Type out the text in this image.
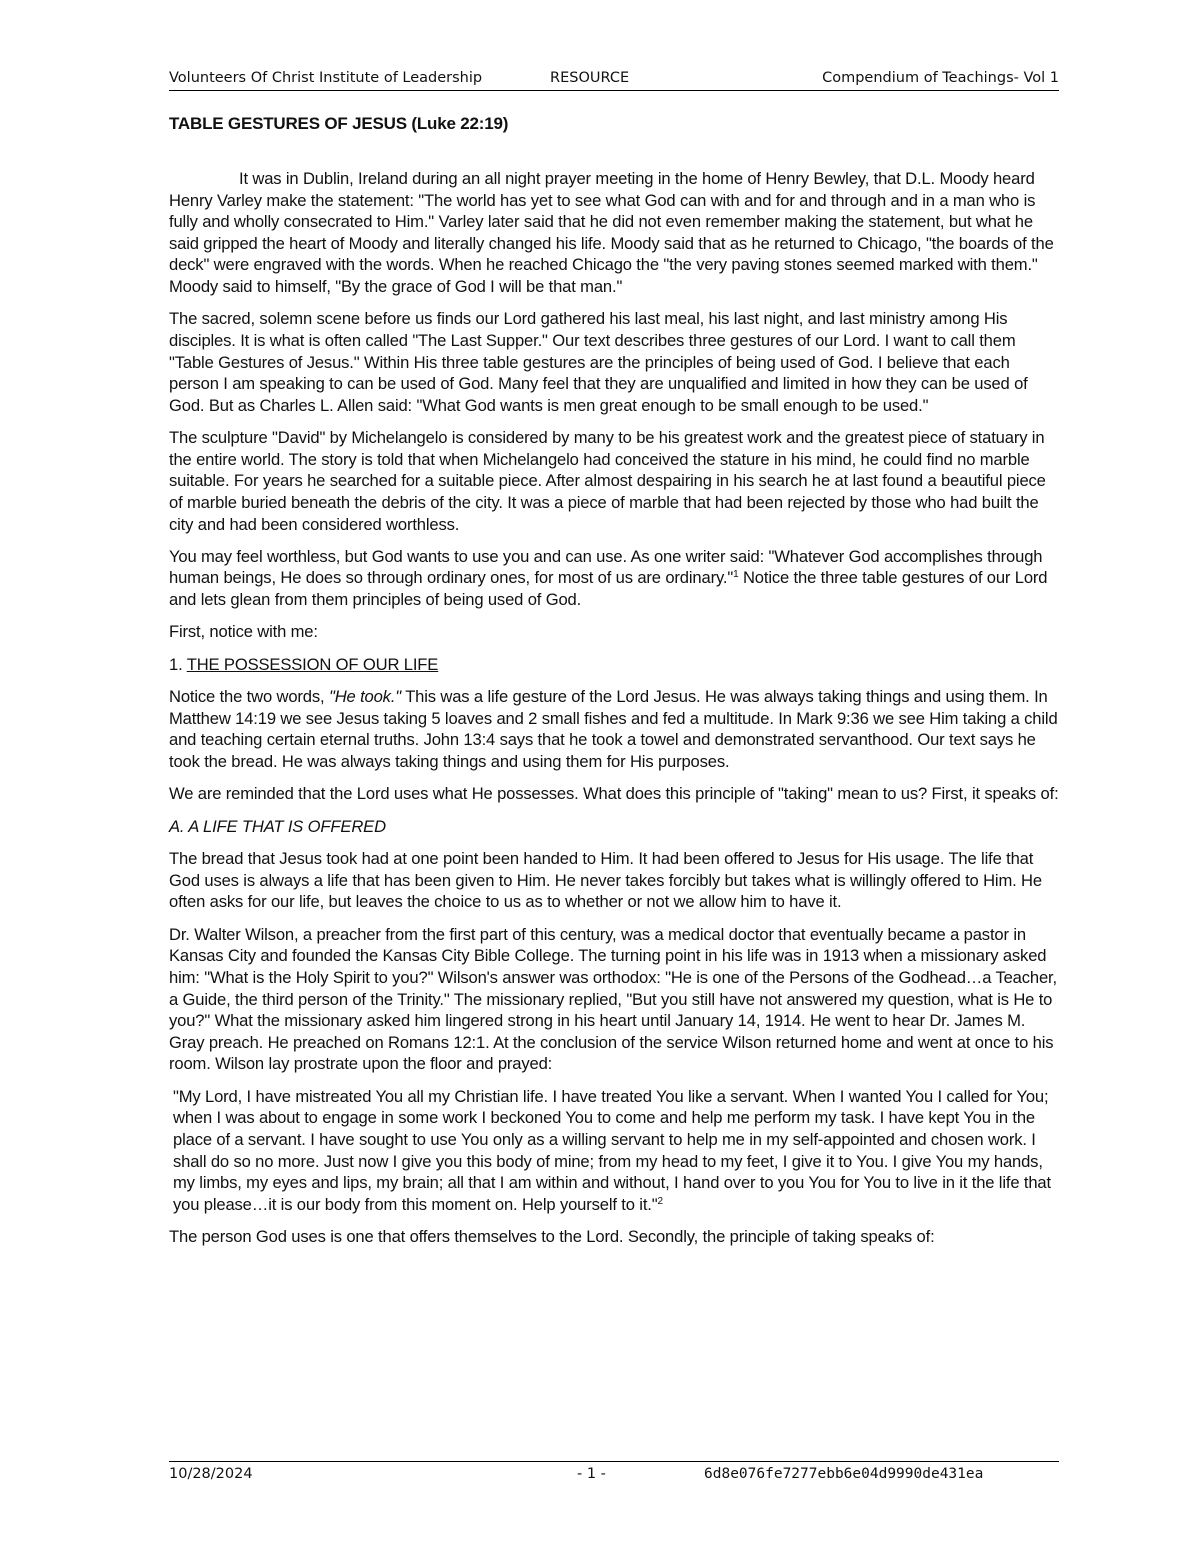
Volunteers Of Christ Institute of Leadership	RESOURCE	Compendium of Teachings- Vol 1
TABLE GESTURES OF JESUS (Luke 22:19)

It was in Dublin, Ireland during an all night prayer meeting in the home of Henry Bewley, that D.L. Moody heard Henry Varley make the statement: "The world has yet to see what God can with and for and through and in a man who is fully and wholly consecrated to Him." Varley later said that he did not even remember making the statement, but what he said gripped the heart of Moody and literally changed his life. Moody said that as he returned to Chicago, "the boards of the deck" were engraved with the words. When he reached Chicago the "the very paving stones seemed marked with them." Moody said to himself, "By the grace of God I will be that man."

The sacred, solemn scene before us finds our Lord gathered his last meal, his last night, and last ministry among His disciples. It is what is often called "The Last Supper." Our text describes three gestures of our Lord. I want to call them "Table Gestures of Jesus." Within His three table gestures are the principles of being used of God. I believe that each person I am speaking to can be used of God. Many feel that they are unqualified and limited in how they can be used of God. But as Charles L. Allen said: "What God wants is men great enough to be small enough to be used."

The sculpture "David" by Michelangelo is considered by many to be his greatest work and the greatest piece of statuary in the entire world. The story is told that when Michelangelo had conceived the stature in his mind, he could find no marble suitable. For years he searched for a suitable piece. After almost despairing in his search he at last found a beautiful piece of marble buried beneath the debris of the city. It was a piece of marble that had been rejected by those who had built the city and had been considered worthless.

You may feel worthless, but God wants to use you and can use. As one writer said: "Whatever God accomplishes through human beings, He does so through ordinary ones, for most of us are ordinary."$^1$ Notice the three table gestures of our Lord and lets glean from them principles of being used of God.

First, notice with me:

1. THE POSSESSION OF OUR LIFE

Notice the two words, "He took." This was a life gesture of the Lord Jesus. He was always taking things and using them. In Matthew 14:19 we see Jesus taking 5 loaves and 2 small fishes and fed a multitude. In Mark 9:36 we see Him taking a child and teaching certain eternal truths. John 13:4 says that he took a towel and demonstrated servanthood. Our text says he took the bread. He was always taking things and using them for His purposes.

We are reminded that the Lord uses what He possesses. What does this principle of "taking" mean to us? First, it speaks of:

A. A LIFE THAT IS OFFERED

The bread that Jesus took had at one point been handed to Him. It had been offered to Jesus for His usage. The life that God uses is always a life that has been given to Him. He never takes forcibly but takes what is willingly offered to Him. He often asks for our life, but leaves the choice to us as to whether or not we allow him to have it.

Dr. Walter Wilson, a preacher from the first part of this century, was a medical doctor that eventually became a pastor in Kansas City and founded the Kansas City Bible College. The turning point in his life was in 1913 when a missionary asked him: "What is the Holy Spirit to you?" Wilson's answer was orthodox: "He is one of the Persons of the Godhead…a Teacher, a Guide, the third person of the Trinity." The missionary replied, "But you still have not answered my question, what is He to you?" What the missionary asked him lingered strong in his heart until January 14, 1914. He went to hear Dr. James M. Gray preach. He preached on Romans 12:1. At the conclusion of the service Wilson returned home and went at once to his room. Wilson lay prostrate upon the floor and prayed:

"My Lord, I have mistreated You all my Christian life. I have treated You like a servant. When I wanted You I called for You; when I was about to engage in some work I beckoned You to come and help me perform my task. I have kept You in the place of a servant. I have sought to use You only as a willing servant to help me in my self-appointed and chosen work. I shall do so no more. Just now I give you this body of mine; from my head to my feet, I give it to You. I give You my hands, my limbs, my eyes and lips, my brain; all that I am within and without, I hand over to you You for You to live in it the life that you please…it is our body from this moment on. Help yourself to it."$^2$

The person God uses is one that offers themselves to the Lord. Secondly, the principle of taking speaks of:

10/28/2024	- 1 -	6d8e076fe7277ebb6e04d9990de431ea
